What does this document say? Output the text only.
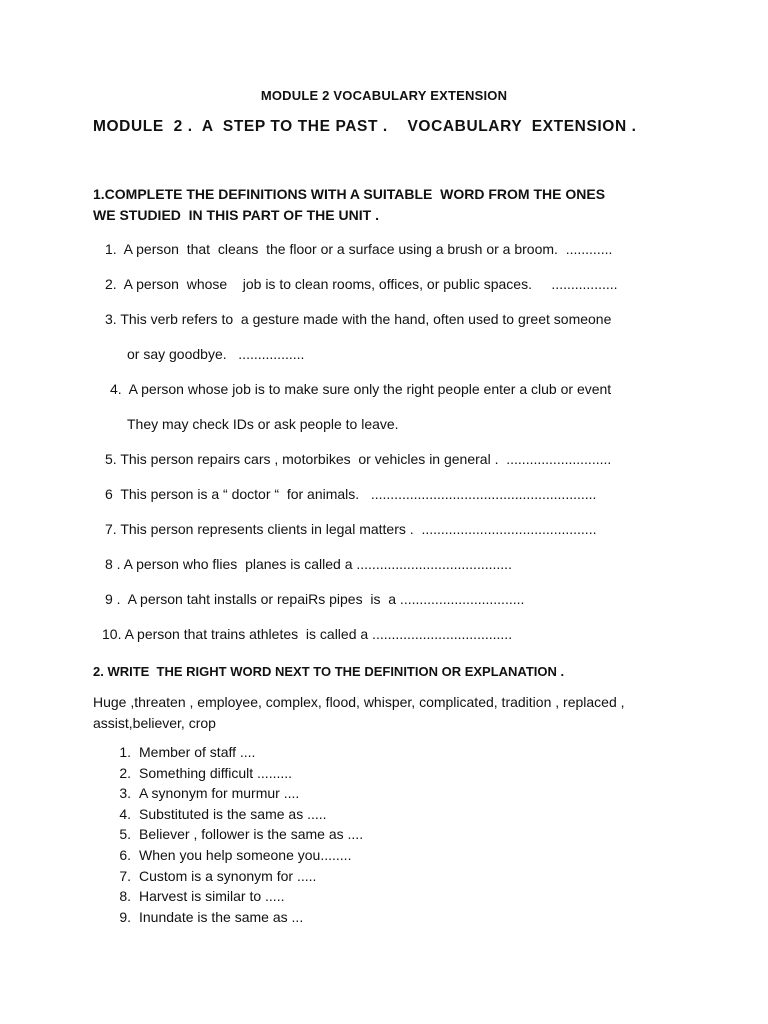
MODULE 2 VOCABULARY EXTENSION

MODULE  2 .  A  STEP TO THE PAST .    VOCABULARY  EXTENSION .

1.COMPLETE THE DEFINITIONS WITH A SUITABLE  WORD FROM THE ONES

WE STUDIED  IN THIS PART OF THE UNIT .

1.  A person  that  cleans  the floor or a surface using a brush or a broom.  ............

2.  A person  whose    job is to clean rooms, offices, or public spaces.     .................

3. This verb refers to  a gesture made with the hand, often used to greet someone

or say goodbye.   .................

4.  A person whose job is to make sure only the right people enter a club or event

They may check IDs or ask people to leave.

5. This person repairs cars , motorbikes  or vehicles in general .  ...........................

6  This person is a “ doctor “  for animals.   ..........................................................

7. This person represents clients in legal matters .  .............................................

8 . A person who flies  planes is called a ........................................

9 .  A person taht installs or repaiRs pipes  is  a ................................

10. A person that trains athletes  is called a ....................................

2. WRITE  THE RIGHT WORD NEXT TO THE DEFINITION OR EXPLANATION .

Huge ,threaten , employee, complex, flood, whisper, complicated, tradition , replaced , assist,believer, crop

1. Member of staff ....
2. Something difficult .........
3. A synonym for murmur ....
4. Substituted is the same as .....
5. Believer , follower is the same as ....
6. When you help someone you........
7. Custom is a synonym for .....
8. Harvest is similar to .....
9. Inundate is the same as ...
